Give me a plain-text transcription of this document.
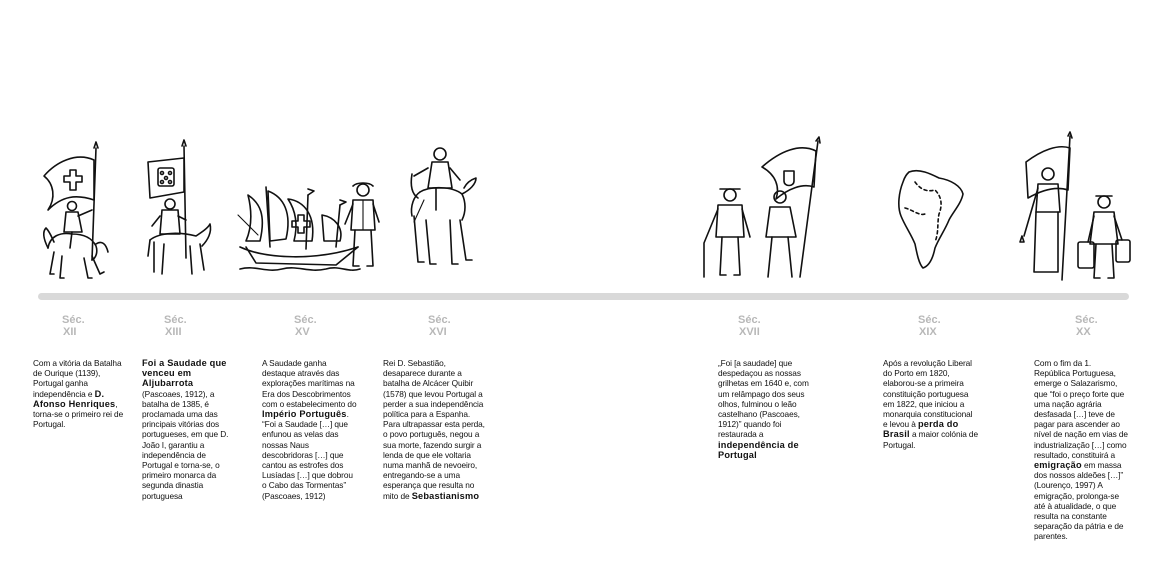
Séc.
XII
Séc.
XIII
Séc.
XV
Séc.
XVI
Séc.
XVII
Séc.
XIX
Séc.
XX

Com a vitória da Batalha de Ourique (1139), Portugal ganha independência e D. Afonso Henriques, torna-se o primeiro rei de Portugal.

Foi a Saudade que venceu em Aljubarrota (Pascoaes, 1912), a batalha de 1385, é proclamada uma das principais vitórias dos portugueses, em que D. João I, garantiu a independência de Portugal e torna-se, o primeiro monarca da segunda dinastia portuguesa

A Saudade ganha destaque através das explorações marítimas na Era dos Descobrimentos com o estabelecimento do Império Português. “Foi a Saudade […] que enfunou as velas das nossas Naus descobridoras […] que cantou as estrofes dos Lusíadas […] que dobrou o Cabo das Tormentas” (Pascoaes, 1912)

Rei D. Sebastião, desaparece durante a batalha de Alcácer Quibir (1578) que levou Portugal a perder a sua independência política para a Espanha. Para ultrapassar esta perda, o povo português, negou a sua morte, fazendo surgir a lenda de que ele voltaria numa manhã de nevoeiro, entregando-se a uma esperança que resulta no mito de Sebastianismo

„Foi [a saudade] que despedaçou as nossas grilhetas em 1640 e, com um relâmpago dos seus olhos, fulminou o leão castelhano (Pascoaes, 1912)” quando foi restaurada a independência de Portugal

Após a revolução Liberal do Porto em 1820, elaborou-se a primeira constituição portuguesa em 1822, que iniciou a monarquia constitucional e levou à perda do Brasil a maior colónia de Portugal.

Com o fim da 1. República Portuguesa, emerge o Salazarismo, que “foi o preço forte que uma nação agrária desfasada […] teve de pagar para ascender ao nível de nação em vias de industrialização […] como resultado, constituirá a emigração em massa dos nossos aldeões […]” (Lourenço, 1997) A emigração, prolonga-se até à atualidade, o que resulta na constante separação da pátria e de parentes.
